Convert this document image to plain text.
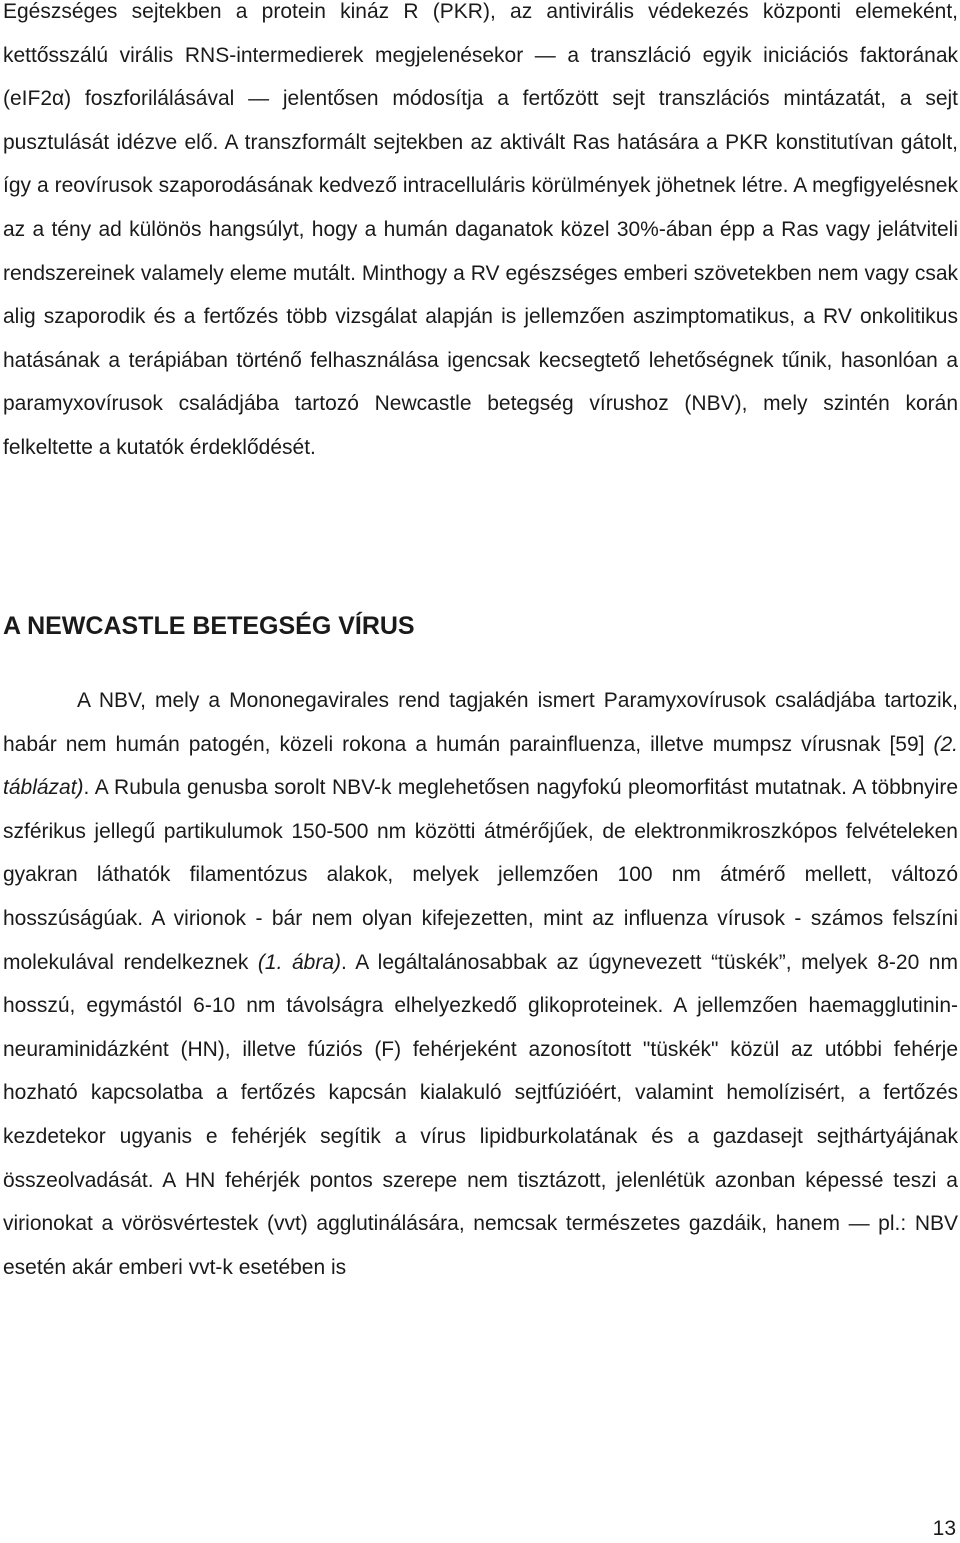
Egészséges sejtekben a protein kináz R (PKR), az antivirális védekezés központi elemeként, kettősszálú virális RNS-intermedierek megjelenésekor — a transzláció egyik iniciációs faktorának (eIF2α) foszforilálásával — jelentősen módosítja a fertőzött sejt transzlációs mintázatát, a sejt pusztulását idézve elő. A transzformált sejtekben az aktivált Ras hatására a PKR konstitutívan gátolt, így a reovírusok szaporodásának kedvező intracelluláris körülmények jöhetnek létre. A megfigyelésnek az a tény ad különös hangsúlyt, hogy a humán daganatok közel 30%-ában épp a Ras vagy jelátviteli rendszereinek valamely eleme mutált. Minthogy a RV egészséges emberi szövetekben nem vagy csak alig szaporodik és a fertőzés több vizsgálat alapján is jellemzően aszimptomatikus, a RV onkolitikus hatásának a terápiában történő felhasználása igencsak kecsegtető lehetőségnek tűnik, hasonlóan a paramyxovírusok családjába tartozó Newcastle betegség vírushoz (NBV), mely szintén korán felkeltette a kutatók érdeklődését.

A NEWCASTLE BETEGSÉG VÍRUS

A NBV, mely a Mononegavirales rend tagjakén ismert Paramyxovírusok családjába tartozik, habár nem humán patogén, közeli rokona a humán parainfluenza, illetve mumpsz vírusnak [59] (2. táblázat). A Rubula genusba sorolt NBV-k meglehetősen nagyfokú pleomorfitást mutatnak. A többnyire szférikus jellegű partikulumok 150-500 nm közötti átmérőjűek, de elektronmikroszkópos felvételeken gyakran láthatók filamentózus alakok, melyek jellemzően 100 nm átmérő mellett, változó hosszúságúak. A virionok - bár nem olyan kifejezetten, mint az influenza vírusok - számos felszíni molekulával rendelkeznek (1. ábra). A legáltalánosabbak az úgynevezett “tüskék”, melyek 8-20 nm hosszú, egymástól 6-10 nm távolságra elhelyezkedő glikoproteinek. A jellemzően haemagglutinin-neuraminidázként (HN), illetve fúziós (F) fehérjeként azonosított "tüskék" közül az utóbbi fehérje hozható kapcsolatba a fertőzés kapcsán kialakuló sejtfúzióért, valamint hemolízisért, a fertőzés kezdetekor ugyanis e fehérjék segítik a vírus lipidburkolatának és a gazdasejt sejthártyájának összeolvadását. A HN fehérjék pontos szerepe nem tisztázott, jelenlétük azonban képessé teszi a virionokat a vörösvértestek (vvt) agglutinálására, nemcsak természetes gazdáik, hanem — pl.: NBV esetén akár emberi vvt-k esetében is

13
